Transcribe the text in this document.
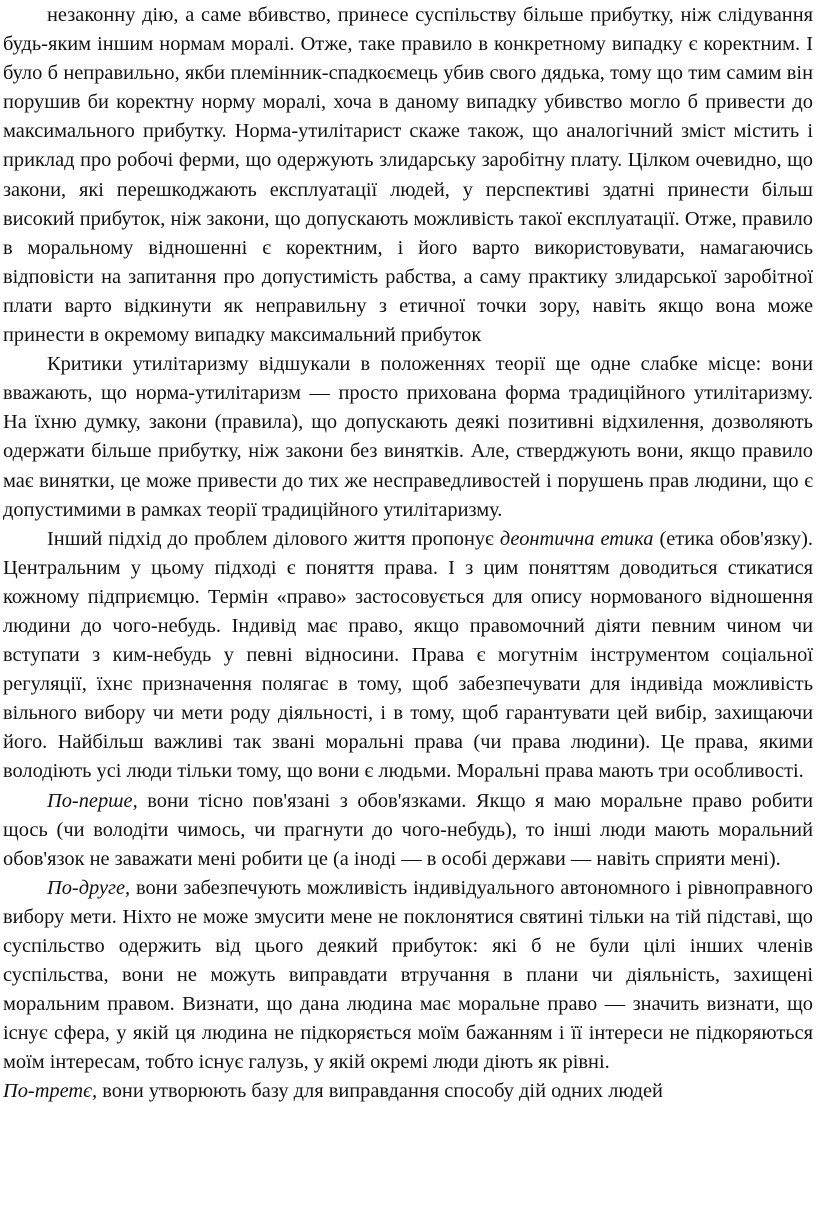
незаконну дію, а саме вбивство, принесе суспільству більше прибутку, ніж слідування будь-яким іншим нормам моралі. Отже, таке правило в конкретному випадку є коректним. І було б неправильно, якби племінник-спадкоємець убив свого дядька, тому що тим самим він порушив би коректну норму моралі, хоча в даному випадку убивство могло б привести до максимального прибутку. Норма-утилітарист скаже також, що аналогічний зміст містить і приклад про робочі ферми, що одержують злидарську заробітну плату. Цілком очевидно, що закони, які перешкоджають експлуатації людей, у перспективі здатні принести більш високий прибуток, ніж закони, що допускають можливість такої експлуатації. Отже, правило в моральному відношенні є коректним, і його варто використовувати, намагаючись відповісти на запитання про допустимість рабства, а саму практику злидарської заробітної плати варто відкинути як неправильну з етичної точки зору, навіть якщо вона може принести в окремому випадку максимальний прибуток

Критики утилітаризму відшукали в положеннях теорії ще одне слабке місце: вони вважають, що норма-утилітаризм — просто прихована форма традиційного утилітаризму. На їхню думку, закони (правила), що допускають деякі позитивні відхилення, дозволяють одержати більше прибутку, ніж закони без винятків. Але, стверджують вони, якщо правило має винятки, це може привести до тих же несправедливостей і порушень прав людини, що є допустимими в рамках теорії традиційного утилітаризму.

Інший підхід до проблем ділового життя пропонує деонтична етика (етика обов'язку). Центральним у цьому підході є поняття права. І з цим поняттям доводиться стикатися кожному підприємцю. Термін «право» застосовується для опису нормованого відношення людини до чого-небудь. Індивід має право, якщо правомочний діяти певним чином чи вступати з ким-небудь у певні відносини. Права є могутнім інструментом соціальної регуляції, їхнє призначення полягає в тому, щоб забезпечувати для індивіда можливість вільного вибору чи мети роду діяльності, і в тому, щоб гарантувати цей вибір, захищаючи його. Найбільш важливі так звані моральні права (чи права людини). Це права, якими володіють усі люди тільки тому, що вони є людьми. Моральні права мають три особливості.

По-перше, вони тісно пов'язані з обов'язками. Якщо я маю моральне право робити щось (чи володіти чимось, чи прагнути до чого-небудь), то інші люди мають моральний обов'язок не заважати мені робити це (а іноді — в особі держави — навіть сприяти мені).

По-друге, вони забезпечують можливість індивідуального автономного і рівноправного вибору мети. Ніхто не може змусити мене не поклонятися святині тільки на тій підставі, що суспільство одержить від цього деякий прибуток: які б не були цілі інших членів суспільства, вони не можуть виправдати втручання в плани чи діяльність, захищені моральним правом. Визнати, що дана людина має моральне право — значить визнати, що існує сфера, у якій ця людина не підкоряється моїм бажанням і її інтереси не підкоряються моїм інтересам, тобто існує галузь, у якій окремі люди діють як рівні.

По-третє, вони утворюють базу для виправдання способу дій одних людей
